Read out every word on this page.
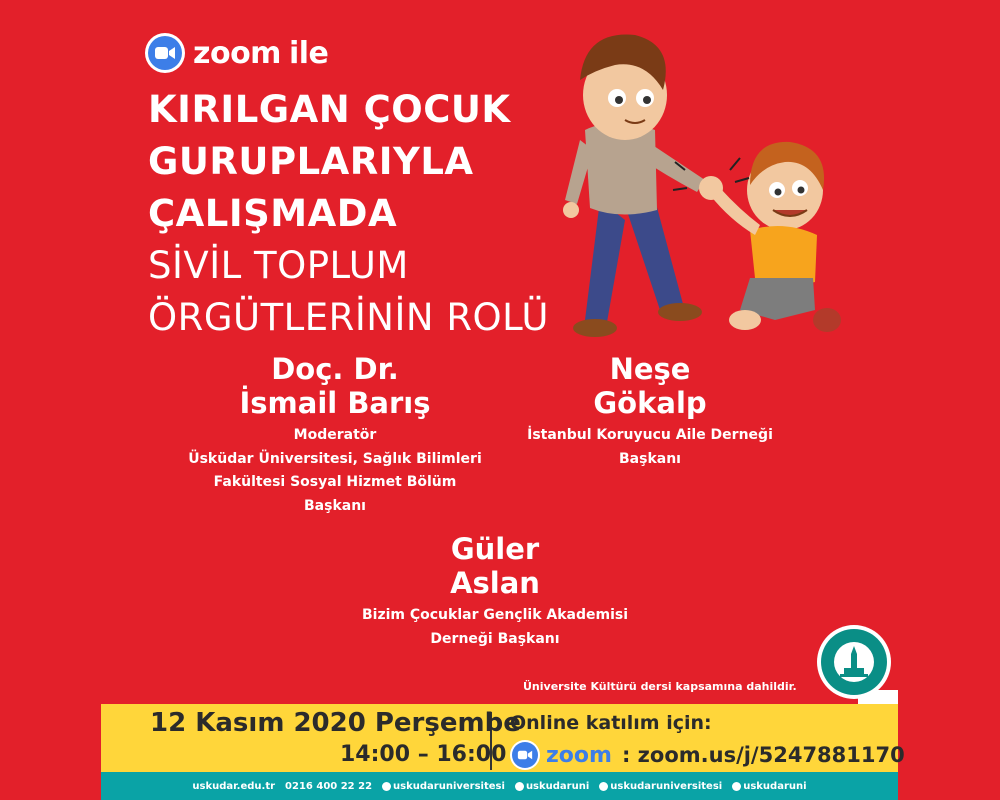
zoom ile
KIRILGAN ÇOCUK
GURUPLARIYLA
ÇALIŞMADA
SİVİL TOPLUM
ÖRGÜTLERİNİN ROLÜ
Doç. Dr.
İsmail Barış
Moderatör
Üsküdar Üniversitesi, Sağlık Bilimleri
Fakültesi Sosyal Hizmet Bölüm
Başkanı
Neşe
Gökalp
İstanbul Koruyucu Aile Derneği
Başkanı
Güler
Aslan
Bizim Çocuklar Gençlik Akademisi
Derneği Başkanı
Üniversite Kültürü dersi kapsamına dahildir.
12 Kasım 2020 Perşembe
14:00 – 16:00
Online katılım için:
zoom : zoom.us/j/5247881170
uskudar.edu.tr 0216 400 22 22 uskudaruniversitesi uskudaruni uskudaruniversitesi uskudaruni
